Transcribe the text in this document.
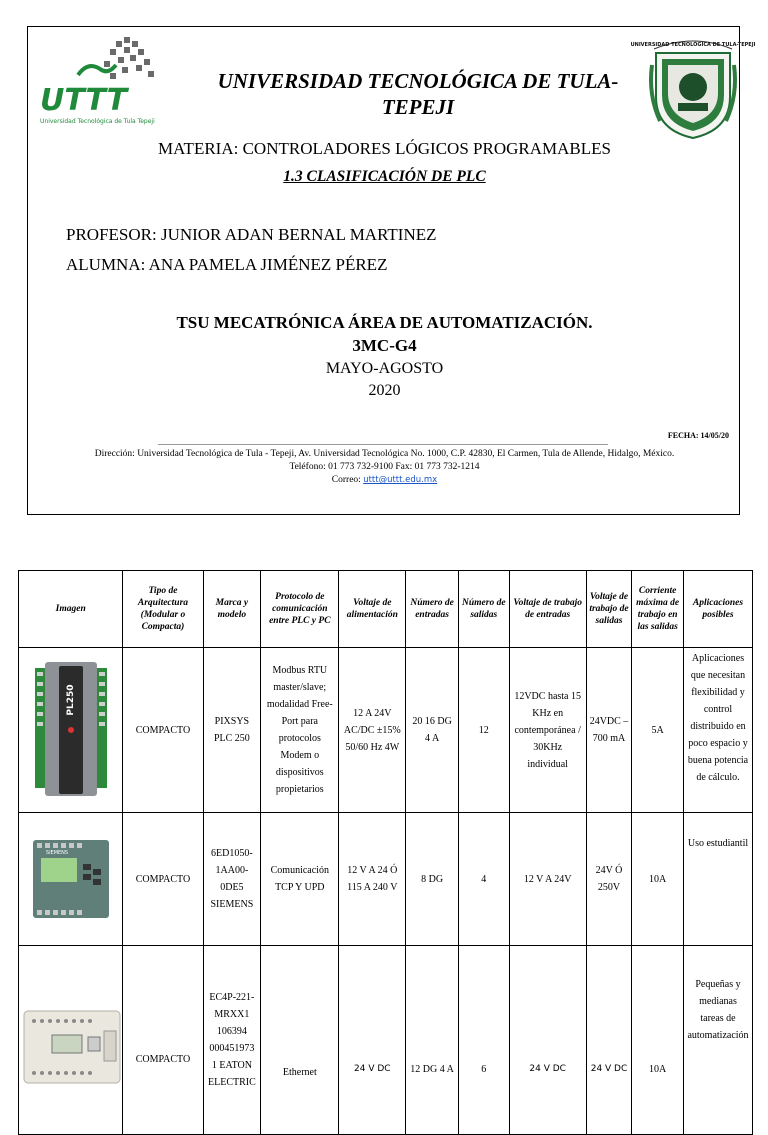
UTTT
Universidad Tecnológica de Tula Tepeji
UNIVERSIDAD TECNOLÓGICA DE TULA-TEPEJI
UNIVERSIDAD TECNOLÓGICA DE TULA-TEPEJI
MATERIA: CONTROLADORES LÓGICOS PROGRAMABLES
1.3 CLASIFICACIÓN DE PLC
PROFESOR: JUNIOR ADAN BERNAL MARTINEZ
ALUMNA: ANA PAMELA JIMÉNEZ PÉREZ
TSU MECATRÓNICA ÁREA DE AUTOMATIZACIÓN.
3MC-G4
MAYO-AGOSTO
2020
FECHA: 14/05/20
Dirección: Universidad Tecnológica de Tula - Tepeji, Av. Universidad Tecnológica No. 1000, C.P. 42830, El Carmen, Tula de Allende, Hidalgo, México.
Teléfono: 01 773 732-9100 Fax: 01 773 732-1214
Correo: uttt@uttt.edu.mx
Imagen	Tipo de Arquitectura (Modular o Compacta)	Marca y modelo	Protocolo de comunicación entre PLC y PC	Voltaje de alimentación	Número de entradas	Número de salidas	Voltaje de trabajo de entradas	Voltaje de trabajo de salidas	Corriente máxima de trabajo en las salidas	Aplicaciones posibles

PL250	COMPACTO	PIXSYS PLC 250	Modbus RTU master/slave; modalidad Free-Port para protocolos Modem o dispositivos propietarios	12 A 24V AC/DC ±15% 50/60 Hz 4W	20 16 DG 4 A	12	12VDC hasta 15 KHz en contemporánea / 30KHz individual	24VDC – 700 mA	5A	Aplicaciones que necesitan flexibilidad y control distribuido en poco espacio y buena potencia de cálculo.

SIEMENS	COMPACTO	6ED1050-1AA00-0DE5 SIEMENS	Comunicación TCP Y UPD	12 V A 24 Ó 115 A 240 V	8 DG	4	12 V A 24V	24V Ó 250V	10A	Uso estudiantil

	COMPACTO	EC4P-221-MRXX1 106394 000451973 1 EATON ELECTRIC	Ethernet	24 V DC	12 DG 4 A	6	24 V DC	24 V DC	10A	Pequeñas y medianas tareas de automatización
